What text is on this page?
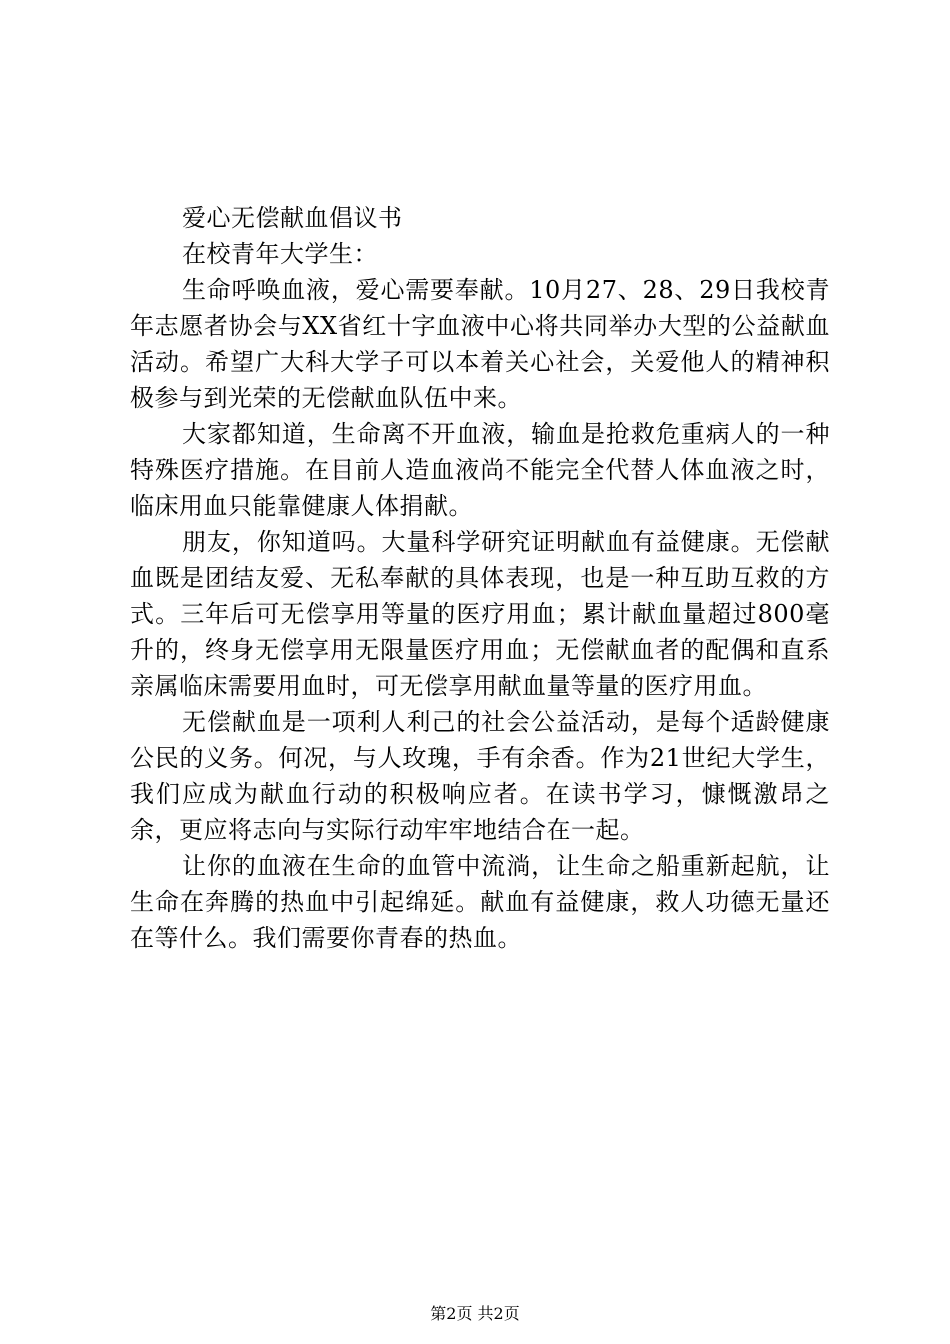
爱心无偿献血倡议书

在校青年大学生：

生命呼唤血液，爱心需要奉献。10月27、28、29日我校青年志愿者协会与XX省红十字血液中心将共同举办大型的公益献血活动。希望广大科大学子可以本着关心社会，关爱他人的精神积极参与到光荣的无偿献血队伍中来。

大家都知道，生命离不开血液，输血是抢救危重病人的一种特殊医疗措施。在目前人造血液尚不能完全代替人体血液之时，临床用血只能靠健康人体捐献。

朋友，你知道吗。大量科学研究证明献血有益健康。无偿献血既是团结友爱、无私奉献的具体表现，也是一种互助互救的方式。三年后可无偿享用等量的医疗用血；累计献血量超过800毫升的，终身无偿享用无限量医疗用血；无偿献血者的配偶和直系亲属临床需要用血时，可无偿享用献血量等量的医疗用血。

无偿献血是一项利人利己的社会公益活动，是每个适龄健康公民的义务。何况，与人玫瑰，手有余香。作为21世纪大学生，我们应成为献血行动的积极响应者。在读书学习，慷慨激昂之余，更应将志向与实际行动牢牢地结合在一起。

让你的血液在生命的血管中流淌，让生命之船重新起航，让生命在奔腾的热血中引起绵延。献血有益健康，救人功德无量还在等什么。我们需要你青春的热血。

第2页 共2页
